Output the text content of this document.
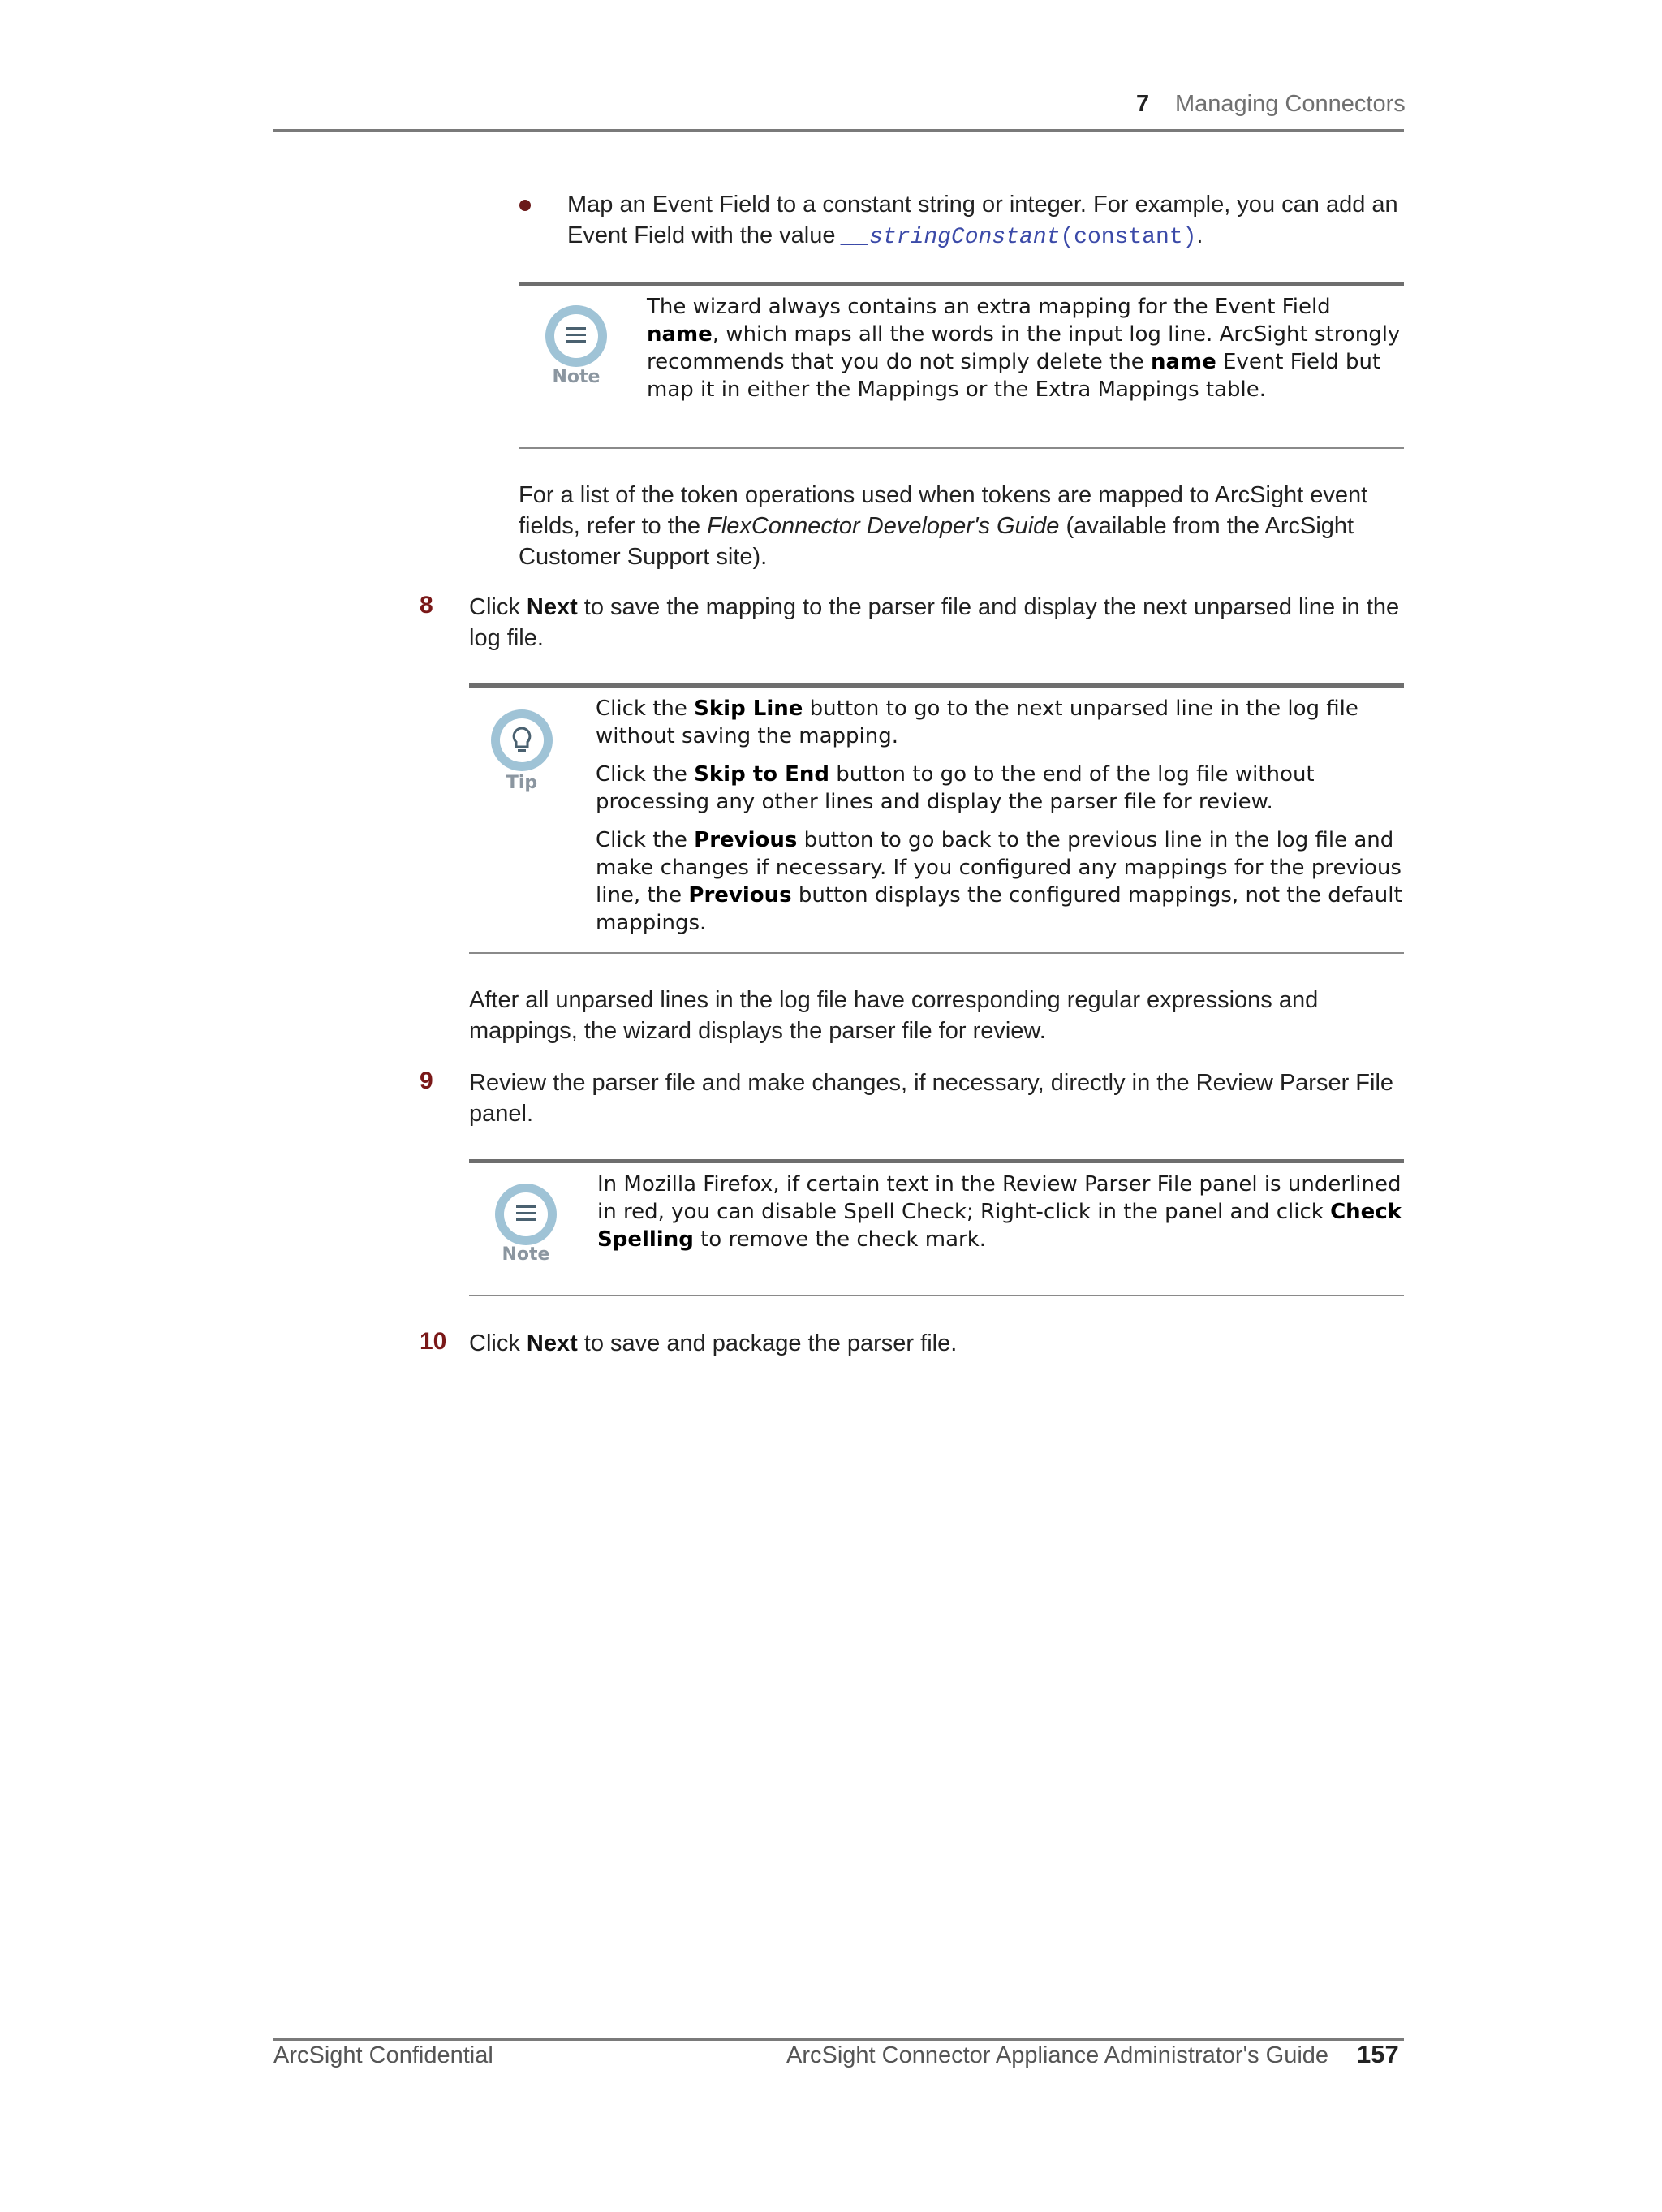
7 Managing Connectors
Map an Event Field to a constant string or integer. For example, you can add an Event Field with the value __stringConstant(constant).
Note
The wizard always contains an extra mapping for the Event Field name, which maps all the words in the input log line. ArcSight strongly recommends that you do not simply delete the name Event Field but map it in either the Mappings or the Extra Mappings table.
For a list of the token operations used when tokens are mapped to ArcSight event fields, refer to the FlexConnector Developer's Guide (available from the ArcSight Customer Support site).
8 Click Next to save the mapping to the parser file and display the next unparsed line in the log file.
Tip

Click the Skip Line button to go to the next unparsed line in the log file without saving the mapping.

Click the Skip to End button to go to the end of the log file without processing any other lines and display the parser file for review.

Click the Previous button to go back to the previous line in the log file and make changes if necessary. If you configured any mappings for the previous line, the Previous button displays the configured mappings, not the default mappings.

After all unparsed lines in the log file have corresponding regular expressions and mappings, the wizard displays the parser file for review.
9 Review the parser file and make changes, if necessary, directly in the Review Parser File panel.
Note
In Mozilla Firefox, if certain text in the Review Parser File panel is underlined in red, you can disable Spell Check; Right-click in the panel and click Check Spelling to remove the check mark.
10 Click Next to save and package the parser file.
ArcSight Confidential	ArcSight Connector Appliance Administrator's Guide 157
